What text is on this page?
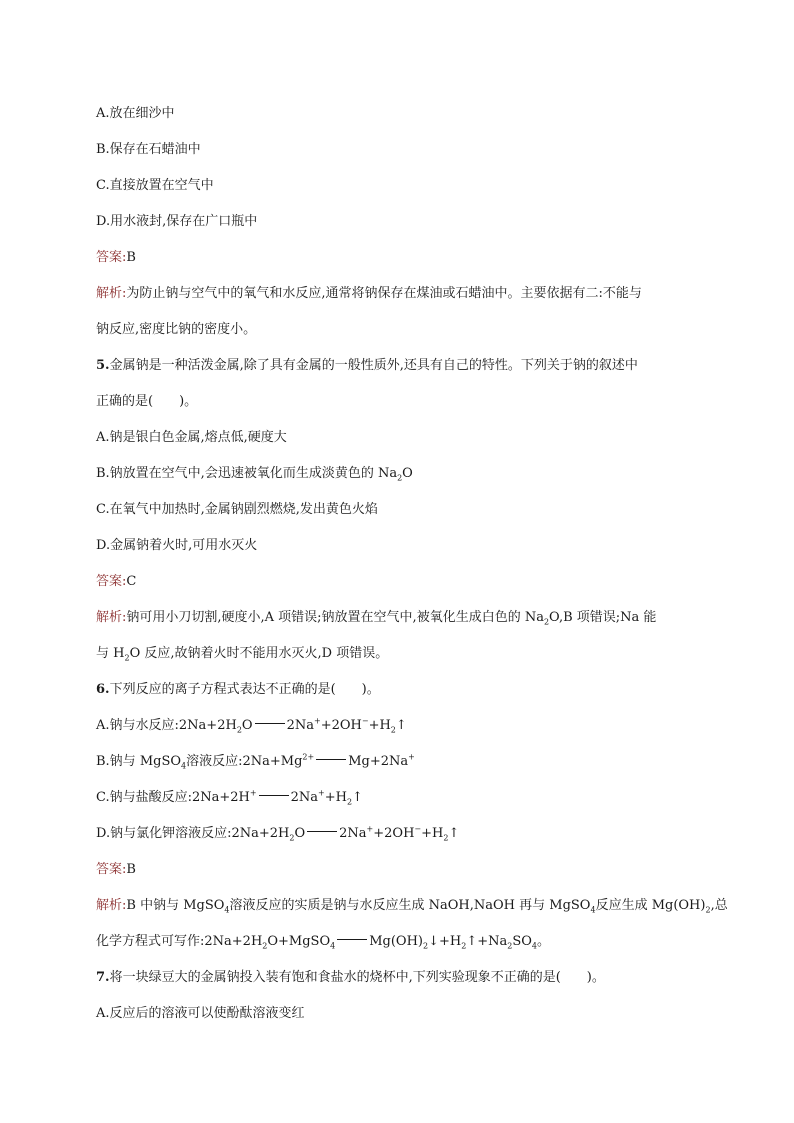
A.放在细沙中
B.保存在石蜡油中
C.直接放置在空气中
D.用水液封,保存在广口瓶中
答案:B
解析:为防止钠与空气中的氧气和水反应,通常将钠保存在煤油或石蜡油中。主要依据有二:不能与
钠反应,密度比钠的密度小。
5.金属钠是一种活泼金属,除了具有金属的一般性质外,还具有自己的特性。下列关于钠的叙述中
正确的是(　　)。
A.钠是银白色金属,熔点低,硬度大
B.钠放置在空气中,会迅速被氧化而生成淡黄色的 $Na_2O$
C.在氧气中加热时,金属钠剧烈燃烧,发出黄色火焰
D.金属钠着火时,可用水灭火
答案:C
解析:钠可用小刀切割,硬度小,A 项错误;钠放置在空气中,被氧化生成白色的 $Na_2O,B$ 项错误;Na 能
与 $H_2O$ 反应,故钠着火时不能用水灭火,D 项错误。
6.下列反应的离子方程式表达不正确的是(　　)。
A.钠与水反应$:2Na+2H_2O$	$2Na^++2OH^-+H_2↑$
B.钠与 MgSO$_4$溶液反应$:2Na+Mg^{2+}$	Mg+2Na+
C.钠与盐酸反应:2Na+2H+	$2Na^++H_2↑$
D.钠与氯化钾溶液反应$:2Na+2H_2O$	$2Na^++2OH^-+H_2↑$
答案:B
解析:B 中钠与 MgSO$_4$溶液反应的实质是钠与水反应生成 NaOH,NaOH 再与 MgSO$_4$反应生成 $Mg(OH)_2$,总
化学方程式可写作$:2Na+2H_2O+MgSO_4$	$Mg(OH)_2↓+H_2↑+Na_2SO_4$。
7.将一块绿豆大的金属钠投入装有饱和食盐水的烧杯中,下列实验现象不正确的是(　　)。
A.反应后的溶液可以使酚酞溶液变红
